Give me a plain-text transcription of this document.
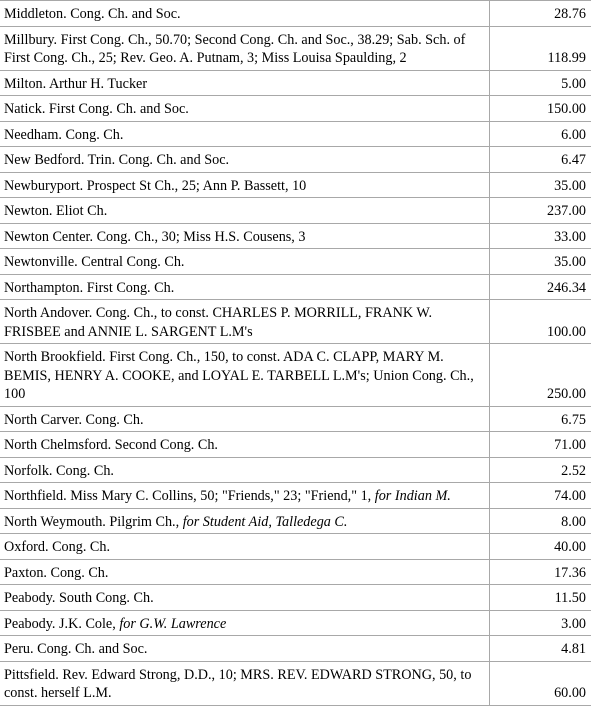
Middleton. Cong. Ch. and Soc.	28.76
Millbury. First Cong. Ch., 50.70; Second Cong. Ch. and Soc., 38.29; Sab. Sch. of First Cong. Ch., 25; Rev. Geo. A. Putnam, 3; Miss Louisa Spaulding, 2	118.99
Milton. Arthur H. Tucker	5.00
Natick. First Cong. Ch. and Soc.	150.00
Needham. Cong. Ch.	6.00
New Bedford. Trin. Cong. Ch. and Soc.	6.47
Newburyport. Prospect St Ch., 25; Ann P. Bassett, 10	35.00
Newton. Eliot Ch.	237.00
Newton Center. Cong. Ch., 30; Miss H.S. Cousens, 3	33.00
Newtonville. Central Cong. Ch.	35.00
Northampton. First Cong. Ch.	246.34
North Andover. Cong. Ch., to const. CHARLES P. MORRILL, FRANK W. FRISBEE and ANNIE L. SARGENT L.M's	100.00
North Brookfield. First Cong. Ch., 150, to const. ADA C. CLAPP, MARY M. BEMIS, HENRY A. COOKE, and LOYAL E. TARBELL L.M's; Union Cong. Ch., 100	250.00
North Carver. Cong. Ch.	6.75
North Chelmsford. Second Cong. Ch.	71.00
Norfolk. Cong. Ch.	2.52
Northfield. Miss Mary C. Collins, 50; "Friends," 23; "Friend," 1, for Indian M.	74.00
North Weymouth. Pilgrim Ch., for Student Aid, Talledega C.	8.00
Oxford. Cong. Ch.	40.00
Paxton. Cong. Ch.	17.36
Peabody. South Cong. Ch.	11.50
Peabody. J.K. Cole, for G.W. Lawrence	3.00
Peru. Cong. Ch. and Soc.	4.81
Pittsfield. Rev. Edward Strong, D.D., 10; MRS. REV. EDWARD STRONG, 50, to const. herself L.M.	60.00
